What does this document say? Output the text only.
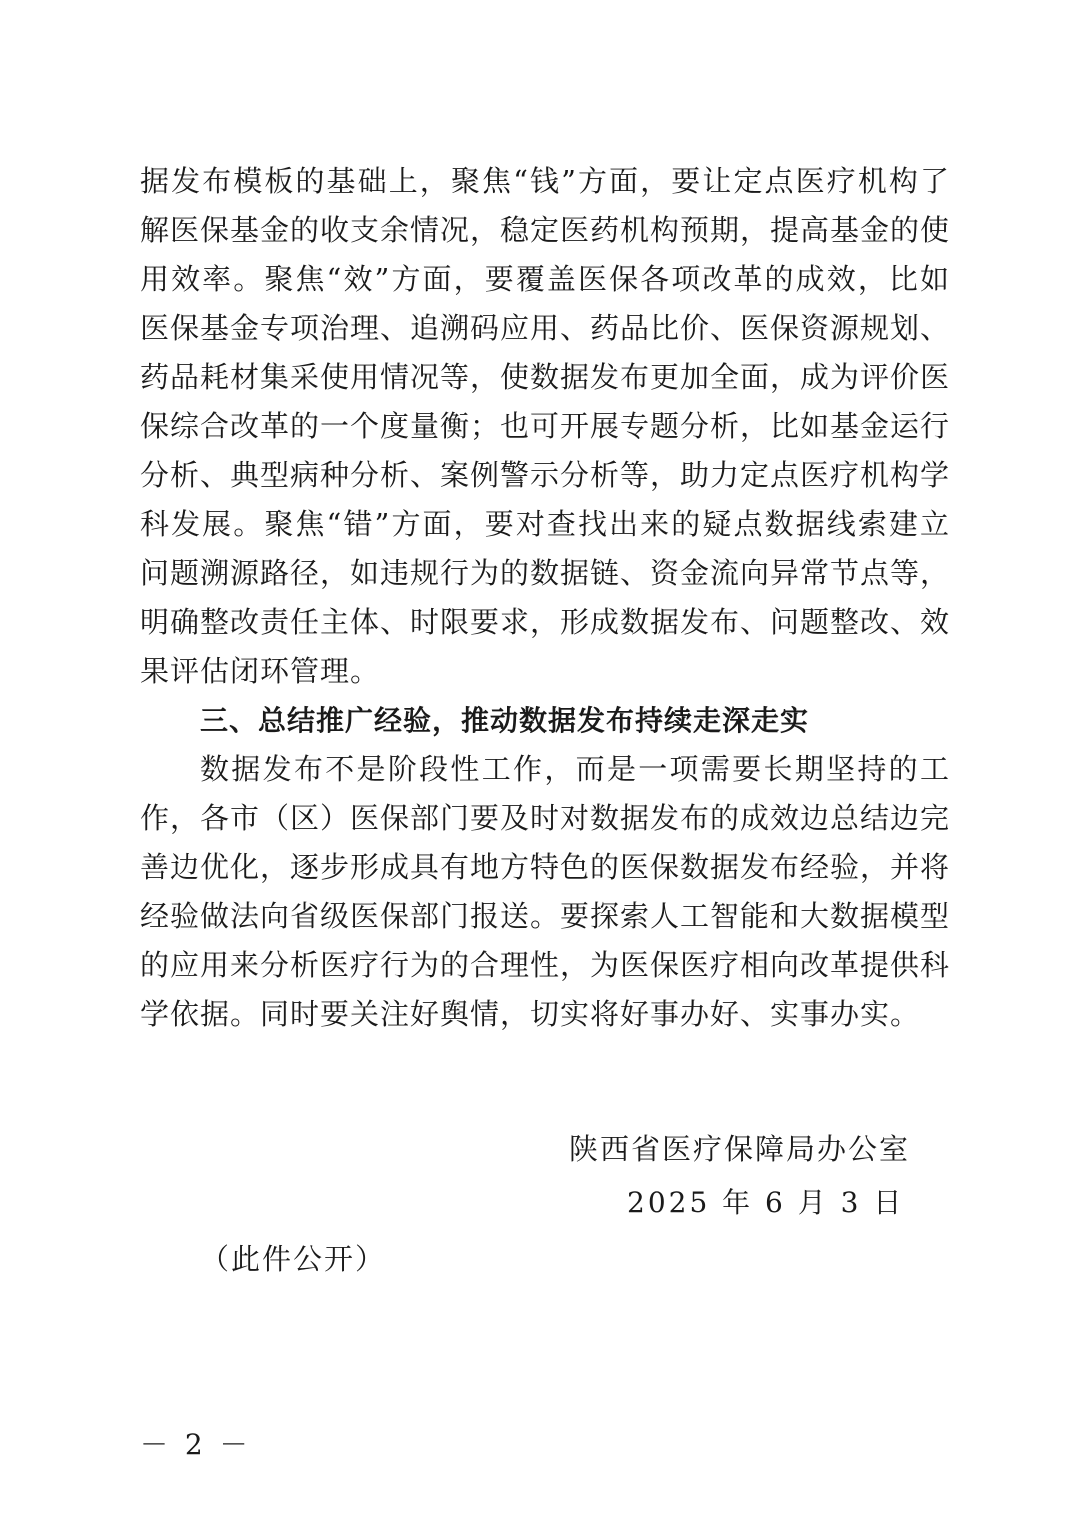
据发布模板的基础上，聚焦“钱”方面，要让定点医疗机构了解医保基金的收支余情况，稳定医药机构预期，提高基金的使用效率。聚焦“效”方面，要覆盖医保各项改革的成效，比如医保基金专项治理、追溯码应用、药品比价、医保资源规划、药品耗材集采使用情况等，使数据发布更加全面，成为评价医保综合改革的一个度量衡；也可开展专题分析，比如基金运行分析、典型病种分析、案例警示分析等，助力定点医疗机构学科发展。聚焦“错”方面，要对查找出来的疑点数据线索建立问题溯源路径，如违规行为的数据链、资金流向异常节点等，明确整改责任主体、时限要求，形成数据发布、问题整改、效果评估闭环管理。

三、总结推广经验，推动数据发布持续走深走实

数据发布不是阶段性工作，而是一项需要长期坚持的工作，各市（区）医保部门要及时对数据发布的成效边总结边完善边优化，逐步形成具有地方特色的医保数据发布经验，并将经验做法向省级医保部门报送。要探索人工智能和大数据模型的应用来分析医疗行为的合理性，为医保医疗相向改革提供科学依据。同时要关注好舆情，切实将好事办好、实事办实。

陕西省医疗保障局办公室
2025 年 6 月 3 日
（此件公开）
－ 2 －
